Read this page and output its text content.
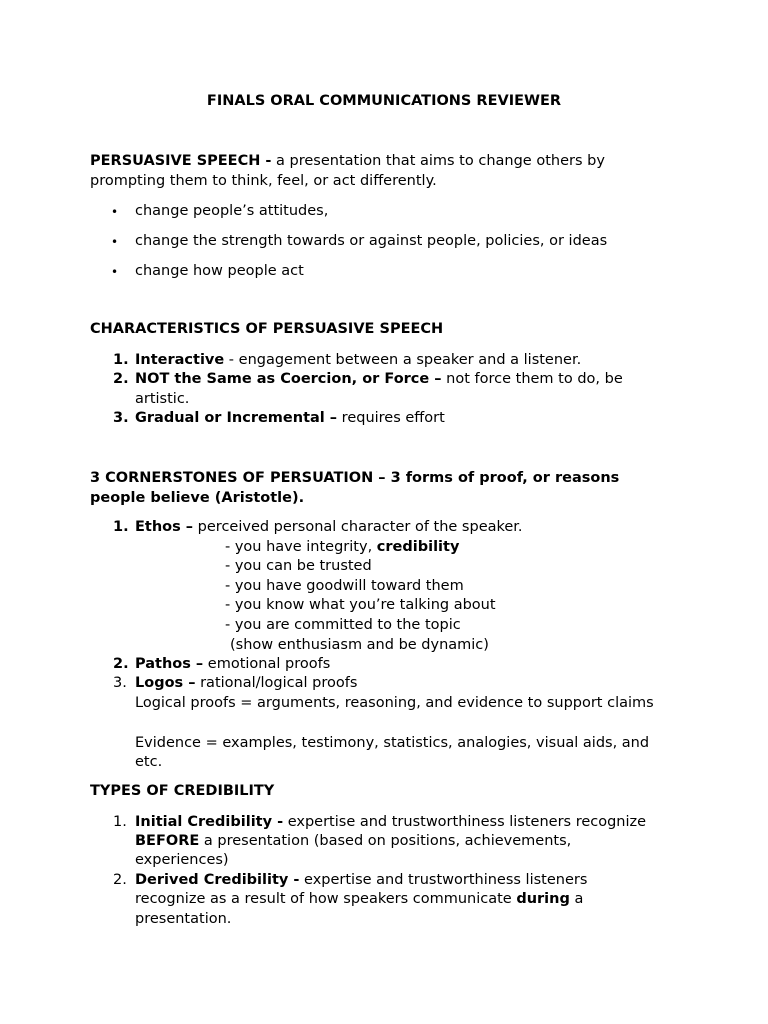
FINALS ORAL COMMUNICATIONS REVIEWER
PERSUASIVE SPEECH - a presentation that aims to change others by
prompting them to think, feel, or act differently.
• change people’s attitudes,
• change the strength towards or against people, policies, or ideas
• change how people act
CHARACTERISTICS OF PERSUASIVE SPEECH
1. Interactive - engagement between a speaker and a listener.
2. NOT the Same as Coercion, or Force – not force them to do, be
artistic.
3. Gradual or Incremental – requires effort
3 CORNERSTONES OF PERSUATION – 3 forms of proof, or reasons
people believe (Aristotle).
1. Ethos – perceived personal character of the speaker.
- you have integrity, credibility
- you can be trusted
- you have goodwill toward them
- you know what you’re talking about
- you are committed to the topic
(show enthusiasm and be dynamic)
2. Pathos – emotional proofs
3. Logos – rational/logical proofs
Logical proofs = arguments, reasoning, and evidence to support claims
Evidence = examples, testimony, statistics, analogies, visual aids, and
etc.
TYPES OF CREDIBILITY
1. Initial Credibility - expertise and trustworthiness listeners recognize
BEFORE a presentation (based on positions, achievements,
experiences)
2. Derived Credibility - expertise and trustworthiness listeners
recognize as a result of how speakers communicate during a
presentation.
